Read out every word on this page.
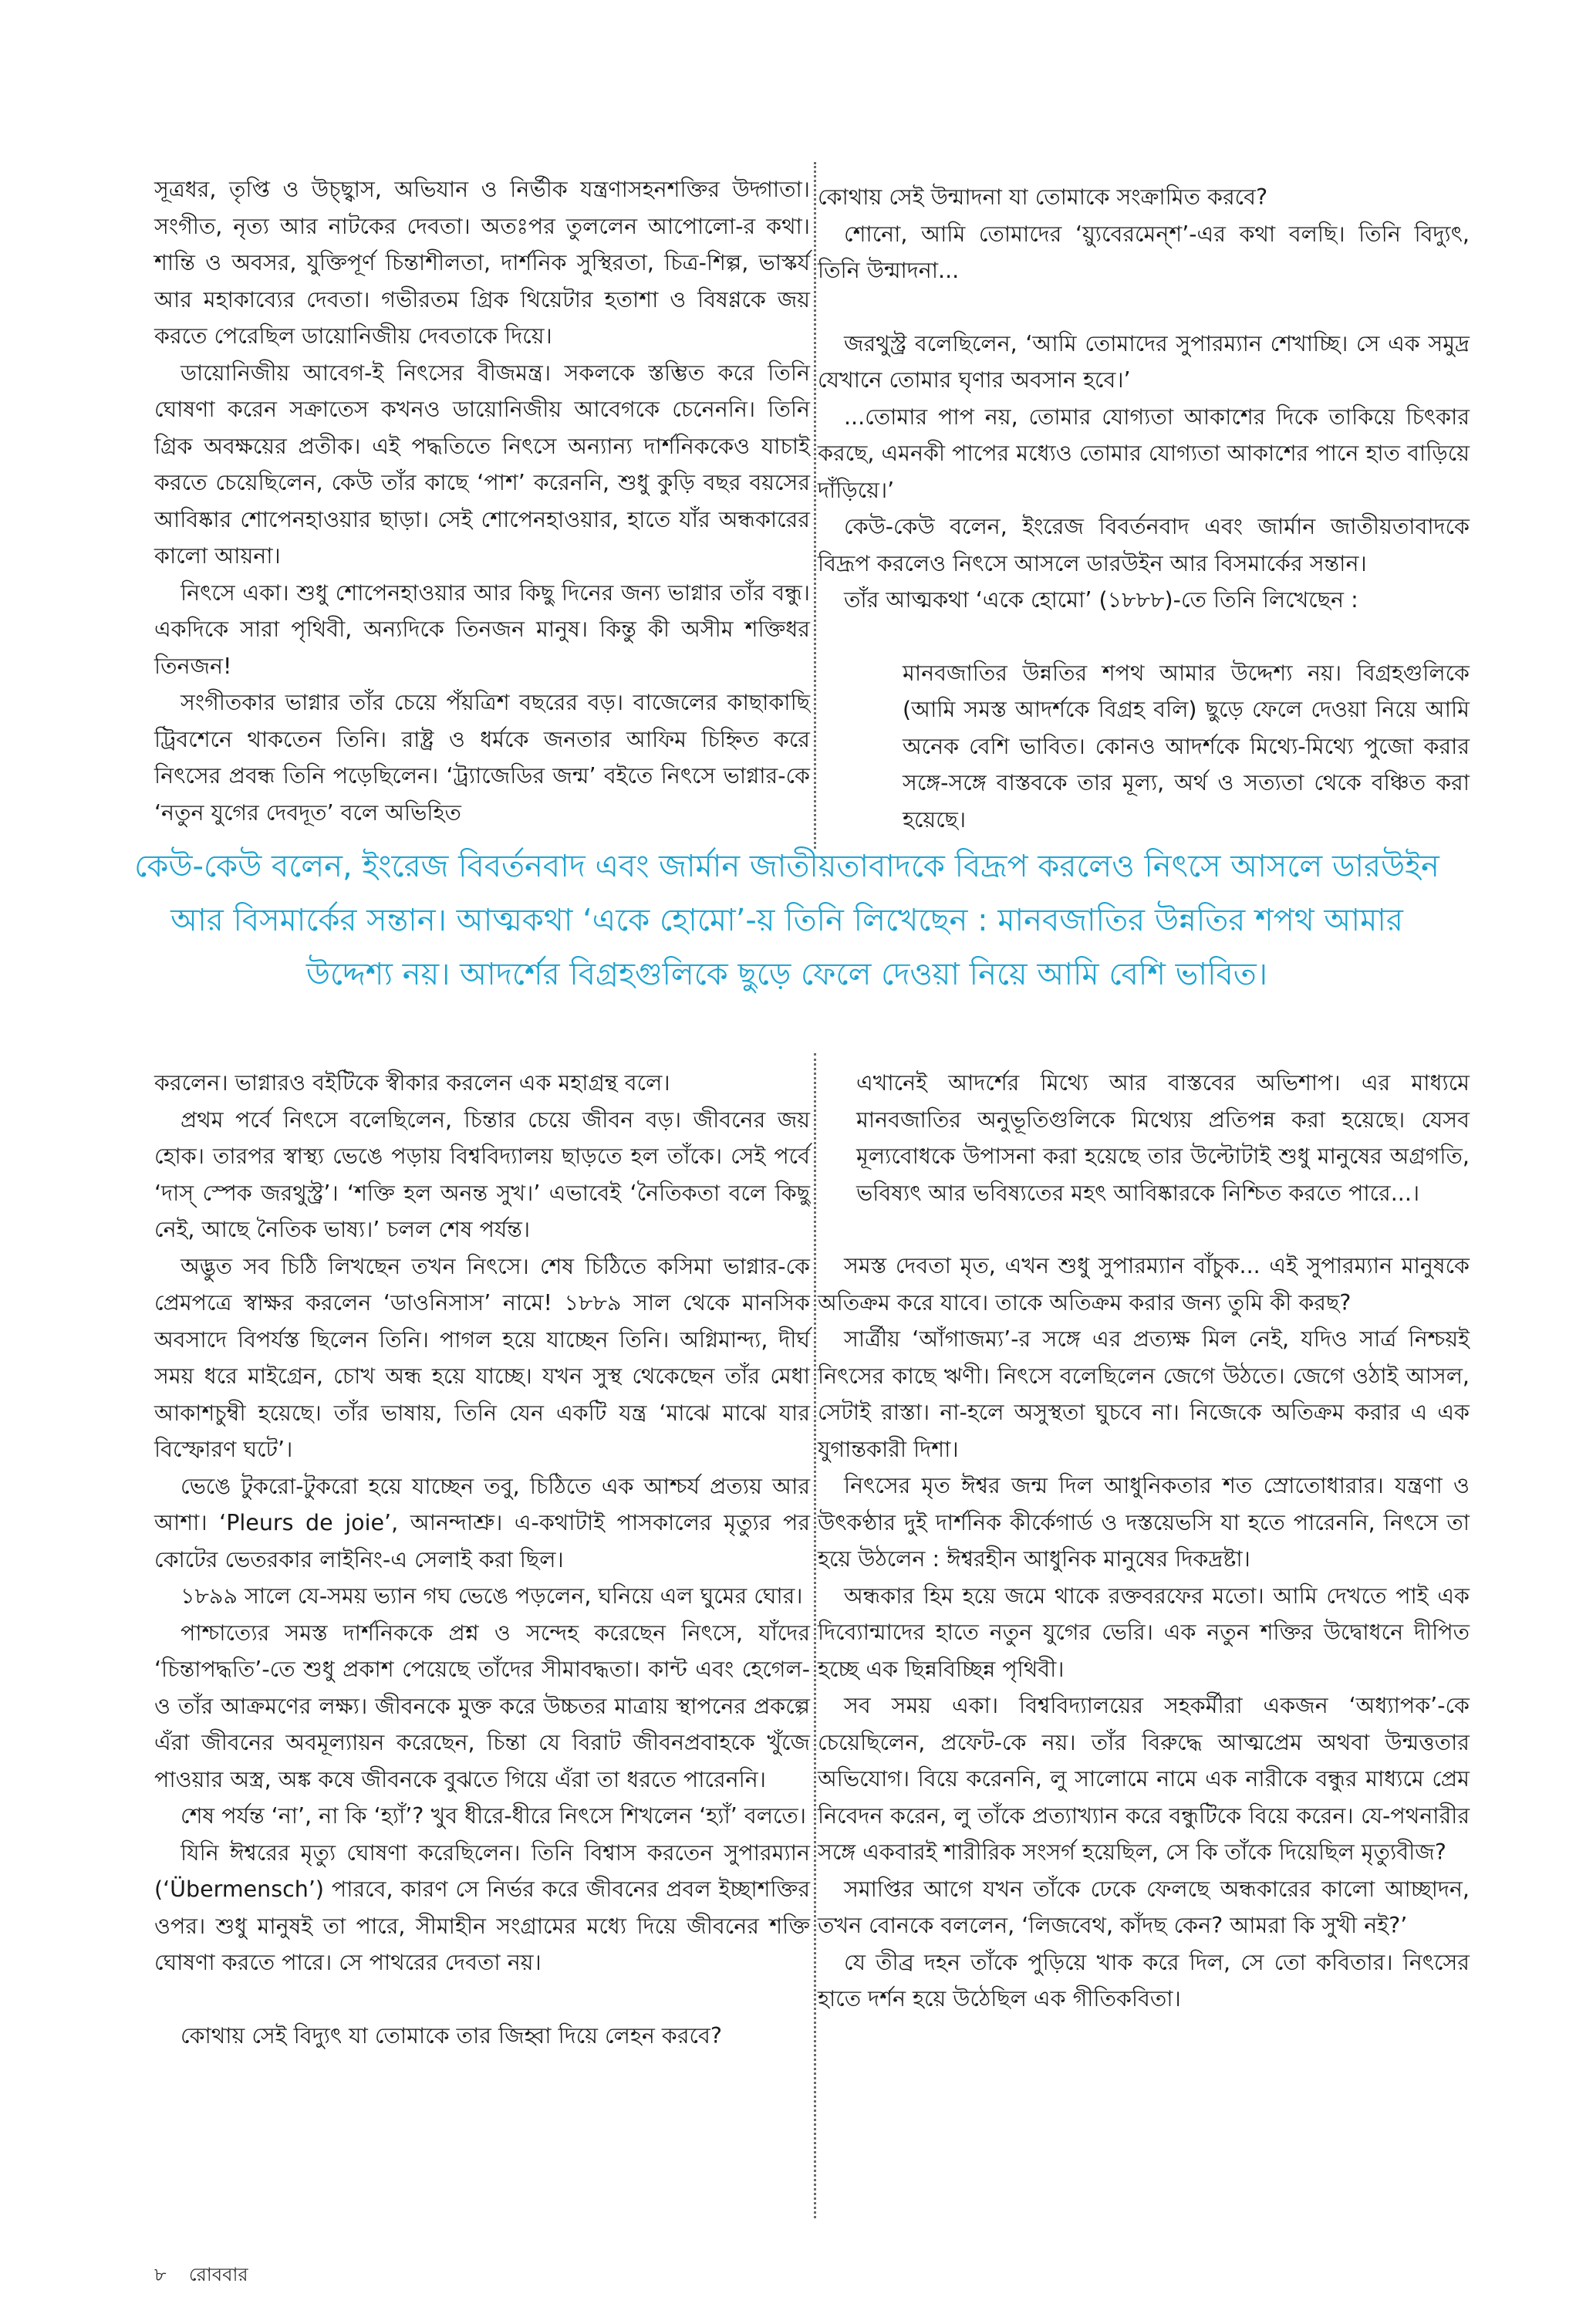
সূত্রধর, তৃপ্তি ও উচ্ছ্বাস, অভিযান ও নির্ভীক যন্ত্রণাসহনশক্তির উদ্গাতা। সংগীত, নৃত্য আর নাটকের দেবতা। অতঃপর তুললেন আপোলো-র কথা। শান্তি ও অবসর, যুক্তিপূর্ণ চিন্তাশীলতা, দার্শনিক সুস্থিরতা, চিত্র-শিল্প, ভাস্কর্য আর মহাকাব্যের দেবতা। গভীরতম গ্রিক থিয়েটার হতাশা ও বিষণ্ণকে জয় করতে পেরেছিল ডায়োনিজীয় দেবতাকে দিয়ে।

ডায়োনিজীয় আবেগ-ই নিৎসের বীজমন্ত্র। সকলকে স্তম্ভিত করে তিনি ঘোষণা করেন সক্রাতেস কখনও ডায়োনিজীয় আবেগকে চেনেননি। তিনি গ্রিক অবক্ষয়ের প্রতীক। এই পদ্ধতিতে নিৎসে অন্যান্য দার্শনিককেও যাচাই করতে চেয়েছিলেন, কেউ তাঁর কাছে ‘পাশ’ করেননি, শুধু কুড়ি বছর বয়সের আবিষ্কার শোপেনহাওয়ার ছাড়া। সেই শোপেনহাওয়ার, হাতে যাঁর অন্ধকারের কালো আয়না।

নিৎসে একা। শুধু শোপেনহাওয়ার আর কিছু দিনের জন্য ভাগ্নার তাঁর বন্ধু। একদিকে সারা পৃথিবী, অন্যদিকে তিনজন মানুষ। কিন্তু কী অসীম শক্তিধর তিনজন!

সংগীতকার ভাগ্নার তাঁর চেয়ে পঁয়ত্রিশ বছরের বড়। বাজেলের কাছাকাছি ট্রিবশেনে থাকতেন তিনি। রাষ্ট্র ও ধর্মকে জনতার আফিম চিহ্নিত করে নিৎসের প্রবন্ধ তিনি পড়েছিলেন। ‘ট্র্যাজেডির জন্ম’ বইতে নিৎসে ভাগ্নার-কে ‘নতুন যুগের দেবদূত’ বলে অভিহিত

কোথায় সেই উন্মাদনা যা তোমাকে সংক্রামিত করবে?

শোনো, আমি তোমাদের ‘য়্যুবেরমেন্শ’-এর কথা বলছি। তিনি বিদ্যুৎ, তিনি উন্মাদনা...

জরথুস্ট্র বলেছিলেন, ‘আমি তোমাদের সুপারম্যান শেখাচ্ছি। সে এক সমুদ্র যেখানে তোমার ঘৃণার অবসান হবে।’

...তোমার পাপ নয়, তোমার যোগ্যতা আকাশের দিকে তাকিয়ে চিৎকার করছে, এমনকী পাপের মধ্যেও তোমার যোগ্যতা আকাশের পানে হাত বাড়িয়ে দাঁড়িয়ে।’

কেউ-কেউ বলেন, ইংরেজ বিবর্তনবাদ এবং জার্মান জাতীয়তাবাদকে বিদ্রূপ করলেও নিৎসে আসলে ডারউইন আর বিসমার্কের সন্তান।

তাঁর আত্মকথা ‘একে হোমো’ (১৮৮৮)-তে তিনি লিখেছেন :

মানবজাতির উন্নতির শপথ আমার উদ্দেশ্য নয়। বিগ্রহগুলিকে (আমি সমস্ত আদর্শকে বিগ্রহ বলি) ছুড়ে ফেলে দেওয়া নিয়ে আমি অনেক বেশি ভাবিত। কোনও আদর্শকে মিথ্যে-মিথ্যে পুজো করার সঙ্গে-সঙ্গে বাস্তবকে তার মূল্য, অর্থ ও সত্যতা থেকে বঞ্চিত করা হয়েছে।

কেউ-কেউ বলেন, ইংরেজ বিবর্তনবাদ এবং জার্মান জাতীয়তাবাদকে বিদ্রূপ করলেও নিৎসে আসলে ডারউইন আর বিসমার্কের সন্তান। আত্মকথা ‘একে হোমো’-য় তিনি লিখেছেন : মানবজাতির উন্নতির শপথ আমার উদ্দেশ্য নয়। আদর্শের বিগ্রহগুলিকে ছুড়ে ফেলে দেওয়া নিয়ে আমি বেশি ভাবিত।

করলেন। ভাগ্নারও বইটিকে স্বীকার করলেন এক মহাগ্রন্থ বলে।

প্রথম পর্বে নিৎসে বলেছিলেন, চিন্তার চেয়ে জীবন বড়। জীবনের জয় হোক। তারপর স্বাস্থ্য ভেঙে পড়ায় বিশ্ববিদ্যালয় ছাড়তে হল তাঁকে। সেই পর্বে ‘দাস্ স্পেক জরথুস্ট্র’। ‘শক্তি হল অনন্ত সুখ।’ এভাবেই ‘নৈতিকতা বলে কিছু নেই, আছে নৈতিক ভাষ্য।’ চলল শেষ পর্যন্ত।

অদ্ভুত সব চিঠি লিখছেন তখন নিৎসে। শেষ চিঠিতে কসিমা ভাগ্নার-কে প্রেমপত্রে স্বাক্ষর করলেন ‘ডাওনিসাস’ নামে! ১৮৮৯ সাল থেকে মানসিক অবসাদে বিপর্যস্ত ছিলেন তিনি। পাগল হয়ে যাচ্ছেন তিনি। অগ্নিমান্দ্য, দীর্ঘ সময় ধরে মাইগ্রেন, চোখ অন্ধ হয়ে যাচ্ছে। যখন সুস্থ থেকেছেন তাঁর মেধা আকাশচুম্বী হয়েছে। তাঁর ভাষায়, তিনি যেন একটি যন্ত্র ‘মাঝে মাঝে যার বিস্ফোরণ ঘটে’।

ভেঙে টুকরো-টুকরো হয়ে যাচ্ছেন তবু, চিঠিতে এক আশ্চর্য প্রত্যয় আর আশা। ‘Pleurs de joie’, আনন্দাশ্রু। এ-কথাটাই পাসকালের মৃত্যুর পর কোটের ভেতরকার লাইনিং-এ সেলাই করা ছিল।

১৮৯৯ সালে যে-সময় ভ্যান গঘ ভেঙে পড়লেন, ঘনিয়ে এল ঘুমের ঘোর।

পাশ্চাত্যের সমস্ত দার্শনিককে প্রশ্ন ও সন্দেহ করেছেন নিৎসে, যাঁদের ‘চিন্তাপদ্ধতি’-তে শুধু প্রকাশ পেয়েছে তাঁদের সীমাবদ্ধতা। কান্ট এবং হেগেল-ও তাঁর আক্রমণের লক্ষ্য। জীবনকে মুক্ত করে উচ্চতর মাত্রায় স্থাপনের প্রকল্পে এঁরা জীবনের অবমূল্যায়ন করেছেন, চিন্তা যে বিরাট জীবনপ্রবাহকে খুঁজে পাওয়ার অস্ত্র, অঙ্ক কষে জীবনকে বুঝতে গিয়ে এঁরা তা ধরতে পারেননি।

শেষ পর্যন্ত ‘না’, না কি ‘হ্যাঁ’? খুব ধীরে-ধীরে নিৎসে শিখলেন ‘হ্যাঁ’ বলতে।

যিনি ঈশ্বরের মৃত্যু ঘোষণা করেছিলেন। তিনি বিশ্বাস করতেন সুপারম্যান (‘Übermensch’) পারবে, কারণ সে নির্ভর করে জীবনের প্রবল ইচ্ছাশক্তির ওপর। শুধু মানুষই তা পারে, সীমাহীন সংগ্রামের মধ্যে দিয়ে জীবনের শক্তি ঘোষণা করতে পারে। সে পাথরের দেবতা নয়।

কোথায় সেই বিদ্যুৎ যা তোমাকে তার জিহ্বা দিয়ে লেহন করবে?

এখানেই আদর্শের মিথ্যে আর বাস্তবের অভিশাপ। এর মাধ্যমে মানবজাতির অনুভূতিগুলিকে মিথ্যেয় প্রতিপন্ন করা হয়েছে। যেসব মূল্যবোধকে উপাসনা করা হয়েছে তার উল্টোটাই শুধু মানুষের অগ্রগতি, ভবিষ্যৎ আর ভবিষ্যতের মহৎ আবিষ্কারকে নিশ্চিত করতে পারে...।

সমস্ত দেবতা মৃত, এখন শুধু সুপারম্যান বাঁচুক... এই সুপারম্যান মানুষকে অতিক্রম করে যাবে। তাকে অতিক্রম করার জন্য তুমি কী করছ?

সার্ত্রীয় ‘আঁগাজম্য’-র সঙ্গে এর প্রত্যক্ষ মিল নেই, যদিও সার্ত্র নিশ্চয়ই নিৎসের কাছে ঋণী। নিৎসে বলেছিলেন জেগে উঠতে। জেগে ওঠাই আসল, সেটাই রাস্তা। না-হলে অসুস্থতা ঘুচবে না। নিজেকে অতিক্রম করার এ এক যুগান্তকারী দিশা।

নিৎসের মৃত ঈশ্বর জন্ম দিল আধুনিকতার শত স্রোতোধারার। যন্ত্রণা ও উৎকণ্ঠার দুই দার্শনিক কীর্কেগার্ড ও দস্তয়েভসি যা হতে পারেননি, নিৎসে তা হয়ে উঠলেন : ঈশ্বরহীন আধুনিক মানুষের দিকদ্রষ্টা।

অন্ধকার হিম হয়ে জমে থাকে রক্তবরফের মতো। আমি দেখতে পাই এক দিব্যোন্মাদের হাতে নতুন যুগের ভেরি। এক নতুন শক্তির উদ্বোধনে দীপিত হচ্ছে এক ছিন্নবিচ্ছিন্ন পৃথিবী।

সব সময় একা। বিশ্ববিদ্যালয়ের সহকর্মীরা একজন ‘অধ্যাপক’-কে চেয়েছিলেন, প্রফেট-কে নয়। তাঁর বিরুদ্ধে আত্মপ্রেম অথবা উন্মত্ততার অভিযোগ। বিয়ে করেননি, লু সালোমে নামে এক নারীকে বন্ধুর মাধ্যমে প্রেম নিবেদন করেন, লু তাঁকে প্রত্যাখ্যান করে বন্ধুটিকে বিয়ে করেন। যে-পথনারীর সঙ্গে একবারই শারীরিক সংসর্গ হয়েছিল, সে কি তাঁকে দিয়েছিল মৃত্যুবীজ?

সমাপ্তির আগে যখন তাঁকে ঢেকে ফেলছে অন্ধকারের কালো আচ্ছাদন, তখন বোনকে বললেন, ‘লিজবেথ, কাঁদছ কেন? আমরা কি সুখী নই?’

যে তীব্র দহন তাঁকে পুড়িয়ে খাক করে দিল, সে তো কবিতার। নিৎসের হাতে দর্শন হয়ে উঠেছিল এক গীতিকবিতা।

৮ রোববার
